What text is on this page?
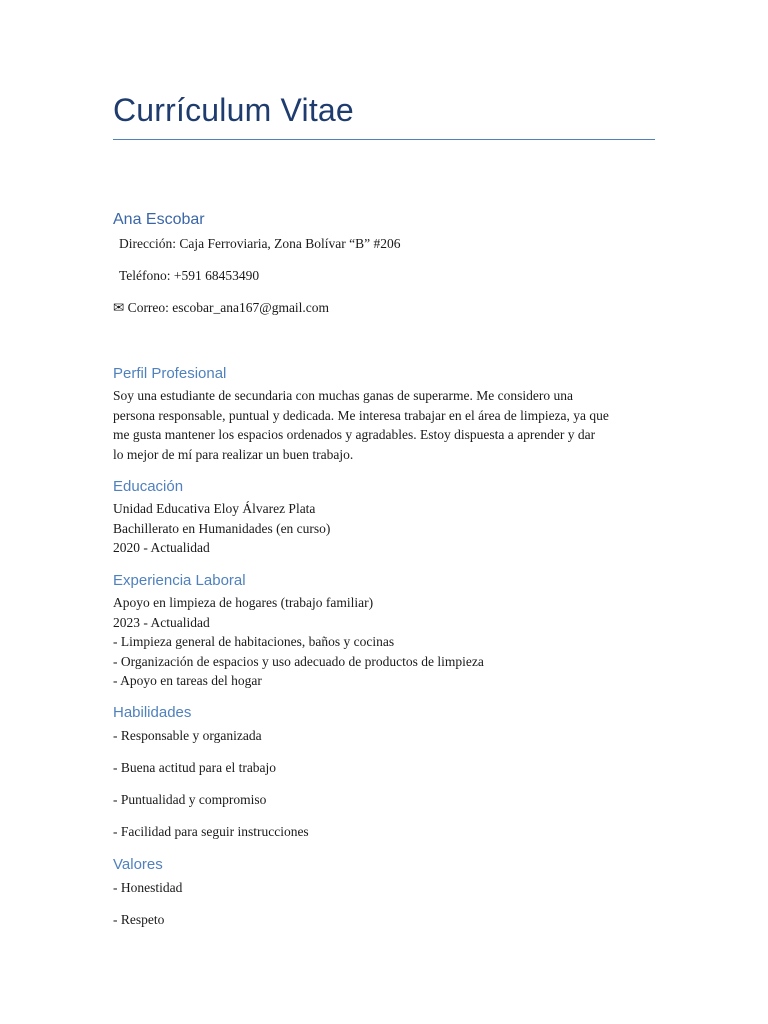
Currículum Vitae
Ana Escobar
Dirección: Caja Ferroviaria, Zona Bolívar “B” #206
Teléfono: +591 68453490
✉ Correo: escobar_ana167@gmail.com
Perfil Profesional
Soy una estudiante de secundaria con muchas ganas de superarme. Me considero una
persona responsable, puntual y dedicada. Me interesa trabajar en el área de limpieza, ya que
me gusta mantener los espacios ordenados y agradables. Estoy dispuesta a aprender y dar
lo mejor de mí para realizar un buen trabajo.
Educación
Unidad Educativa Eloy Álvarez Plata
Bachillerato en Humanidades (en curso)
2020 - Actualidad
Experiencia Laboral
Apoyo en limpieza de hogares (trabajo familiar)
2023 - Actualidad
- Limpieza general de habitaciones, baños y cocinas
- Organización de espacios y uso adecuado de productos de limpieza
- Apoyo en tareas del hogar
Habilidades
- Responsable y organizada
- Buena actitud para el trabajo
- Puntualidad y compromiso
- Facilidad para seguir instrucciones
Valores
- Honestidad
- Respeto
